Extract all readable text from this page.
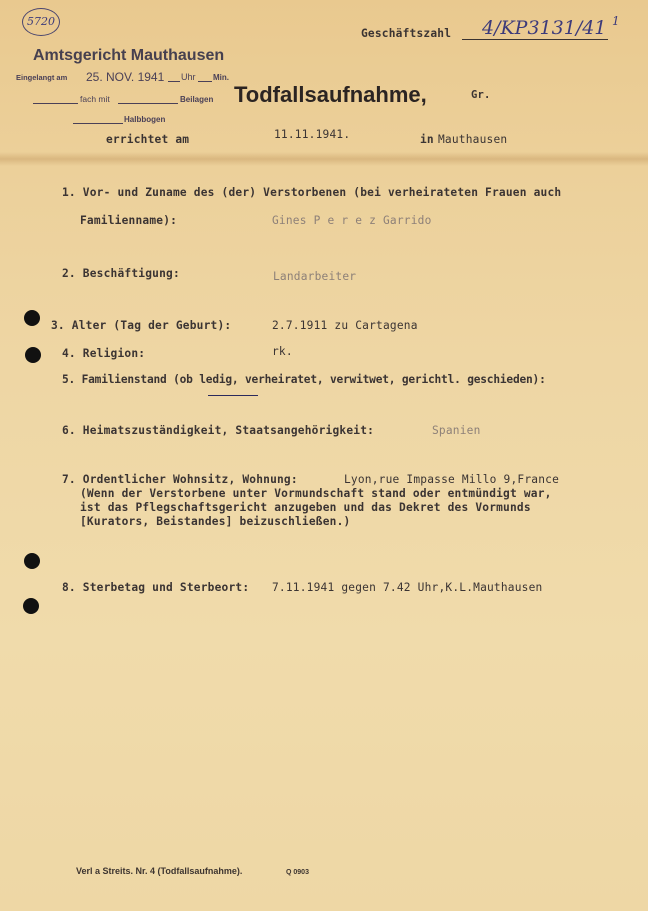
5720
Geschäftszahl 4/KP3131/41 1
Amtsgericht Mauthausen
Eingelangt am 25. NOV. 1941 Uhr Min.
fach mit	Beilagen
Halbbogen
Todfallsaufnahme,	Gr.
errichtet am	11.11.1941.	in Mauthausen
1. Vor- und Zuname des (der) Verstorbenen (bei verheirateten Frauen auch
Familienname):	Gines P e r e z Garrido
2. Beschäftigung:	Landarbeiter
3. Alter (Tag der Geburt):	2.7.1911 zu Cartagena
4. Religion:	rk.
5. Familienstand (ob ledig, verheiratet, verwitwet, gerichtl. geschieden):
6. Heimatszuständigkeit, Staatsangehörigkeit:	Spanien
7. Ordentlicher Wohnsitz, Wohnung:	Lyon,rue Impasse Millo 9,France
(Wenn der Verstorbene unter Vormundschaft stand oder entmündigt war,
ist das Pflegschaftsgericht anzugeben und das Dekret des Vormunds
[Kurators, Beistandes] beizuschließen.)
8. Sterbetag und Sterbeort: 7.11.1941 gegen 7.42 Uhr,K.L.Mauthausen
Verl a Streits. Nr. 4 (Todfallsaufnahme).	Q 0903
